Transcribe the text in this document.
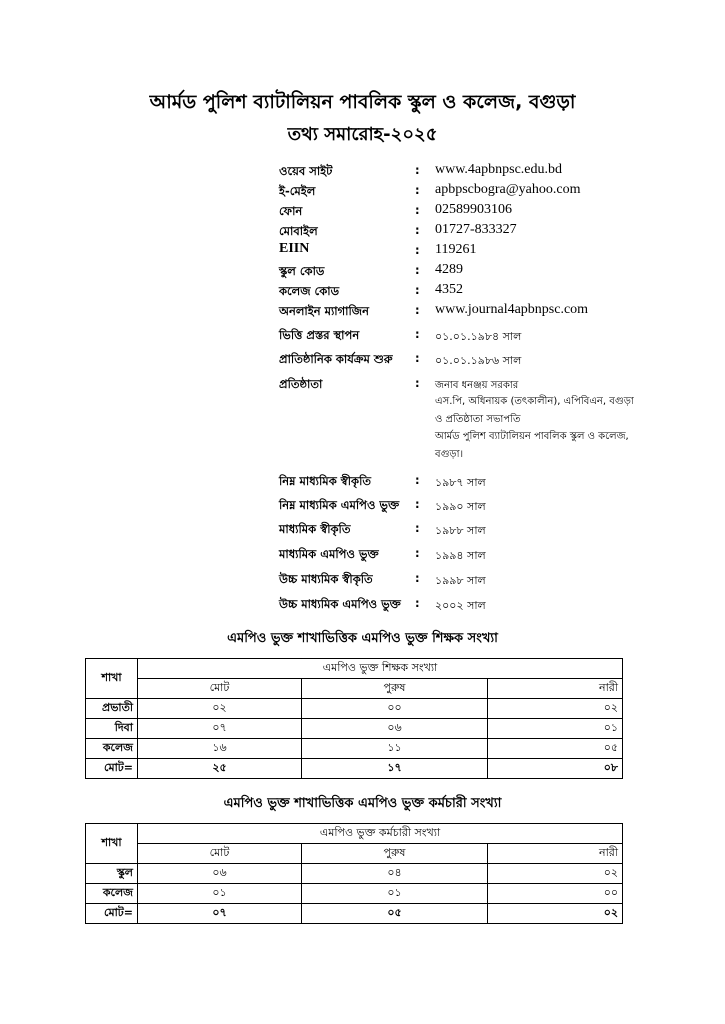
আর্মড পুলিশ ব্যাটালিয়ন পাবলিক স্কুল ও কলেজ, বগুড়া
তথ্য সমারোহ-২০২৫
ওয়েব সাইট	: www.4apbnpsc.edu.bd
ই-মেইল	: apbpscbogra@yahoo.com
ফোন	: 02589903106
মোবাইল	: 01727-833327
EIIN	: 119261
স্কুল কোড	: 4289
কলেজ কোড	: 4352
অনলাইন ম্যাগাজিন	: www.journal4apbnpsc.com
ভিত্তি প্রস্তর স্থাপন	: ০১.০১.১৯৮৪ সাল
প্রাতিষ্ঠানিক কার্যক্রম শুরু : ০১.০১.১৯৮৬ সাল
প্রতিষ্ঠাতা	: জনাব ধনঞ্জয় সরকার
এস.পি, অধিনায়ক (তৎকালীন), এপিবিএন, বগুড়া
ও প্রতিষ্ঠাতা সভাপতি
আর্মড পুলিশ ব্যাটালিয়ন পাবলিক স্কুল ও কলেজ,
বগুড়া।
নিম্ন মাধ্যমিক স্বীকৃতি	: ১৯৮৭ সাল
নিম্ন মাধ্যমিক এমপিও ভুক্ত : ১৯৯০ সাল
মাধ্যমিক স্বীকৃতি	: ১৯৮৮ সাল
মাধ্যমিক এমপিও ভুক্ত	: ১৯৯৪ সাল
উচ্চ মাধ্যমিক স্বীকৃতি	: ১৯৯৮ সাল
উচ্চ মাধ্যমিক এমপিও ভুক্ত : ২০০২ সাল
এমপিও ভুক্ত শাখাভিত্তিক এমপিও ভুক্ত শিক্ষক সংখ্যা
শাখা	এমপিও ভুক্ত শিক্ষক সংখ্যা		
	মোট	পুরুষ	নারী
প্রভাতী	০২	০০	০২
দিবা	০৭	০৬	০১
কলেজ	১৬	১১	০৫
মোট=	২৫	১৭	০৮
এমপিও ভুক্ত শাখাভিত্তিক এমপিও ভুক্ত কর্মচারী সংখ্যা
শাখা	এমপিও ভুক্ত কর্মচারী সংখ্যা		
	মোট	পুরুষ	নারী
স্কুল	০৬	০৪	০২
কলেজ	০১	০১	০০
মোট=	০৭	০৫	০২
